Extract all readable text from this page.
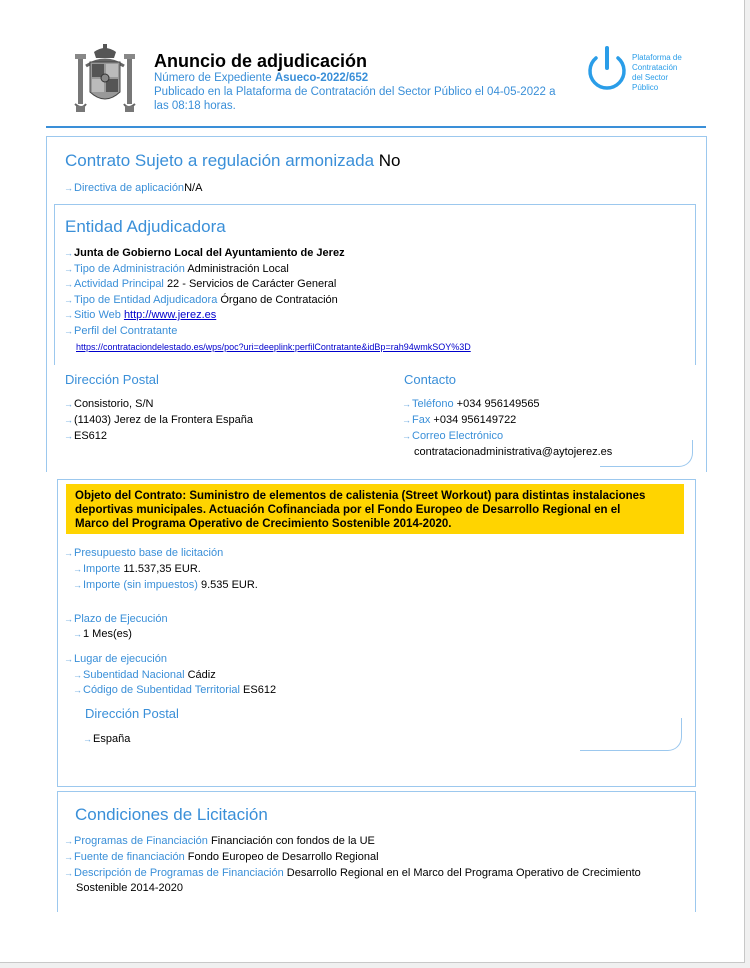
Anuncio de adjudicación
Número de Expediente Asueco-2022/652
Publicado en la Plataforma de Contratación del Sector Público el 04-05-2022 a
las 08:18 horas.
Plataforma de
Contratación
del Sector
Público
Contrato Sujeto a regulación armonizada No
→ Directiva de aplicaciónN/A
Entidad Adjudicadora
→ Junta de Gobierno Local del Ayuntamiento de Jerez
→ Tipo de Administración Administración Local
→ Actividad Principal 22 - Servicios de Carácter General
→ Tipo de Entidad Adjudicadora Órgano de Contratación
→ Sitio Web http://www.jerez.es
→ Perfil del Contratante
https://contrataciondelestado.es/wps/poc?uri=deeplink:perfilContratante&idBp=rah94wmkSOY%3D
Dirección Postal
→ Consistorio, S/N
→ (11403) Jerez de la Frontera España
→ ES612
Contacto
→ Teléfono +034 956149565
→ Fax +034 956149722
→ Correo Electrónico
contratacionadministrativa@aytojerez.es
Objeto del Contrato: Suministro de elementos de calistenia (Street Workout) para distintas instalaciones
deportivas municipales. Actuación Cofinanciada por el Fondo Europeo de Desarrollo Regional en el
Marco del Programa Operativo de Crecimiento Sostenible 2014-2020.
→ Presupuesto base de licitación
→ Importe 11.537,35 EUR.
→ Importe (sin impuestos) 9.535 EUR.
→ Plazo de Ejecución
→ 1 Mes(es)
→ Lugar de ejecución
→ Subentidad Nacional Cádiz
→ Código de Subentidad Territorial ES612
Dirección Postal
→ España
Condiciones de Licitación
→ Programas de Financiación Financiación con fondos de la UE
→ Fuente de financiación Fondo Europeo de Desarrollo Regional
→ Descripción de Programas de Financiación Desarrollo Regional en el Marco del Programa Operativo de Crecimiento
Sostenible 2014-2020
